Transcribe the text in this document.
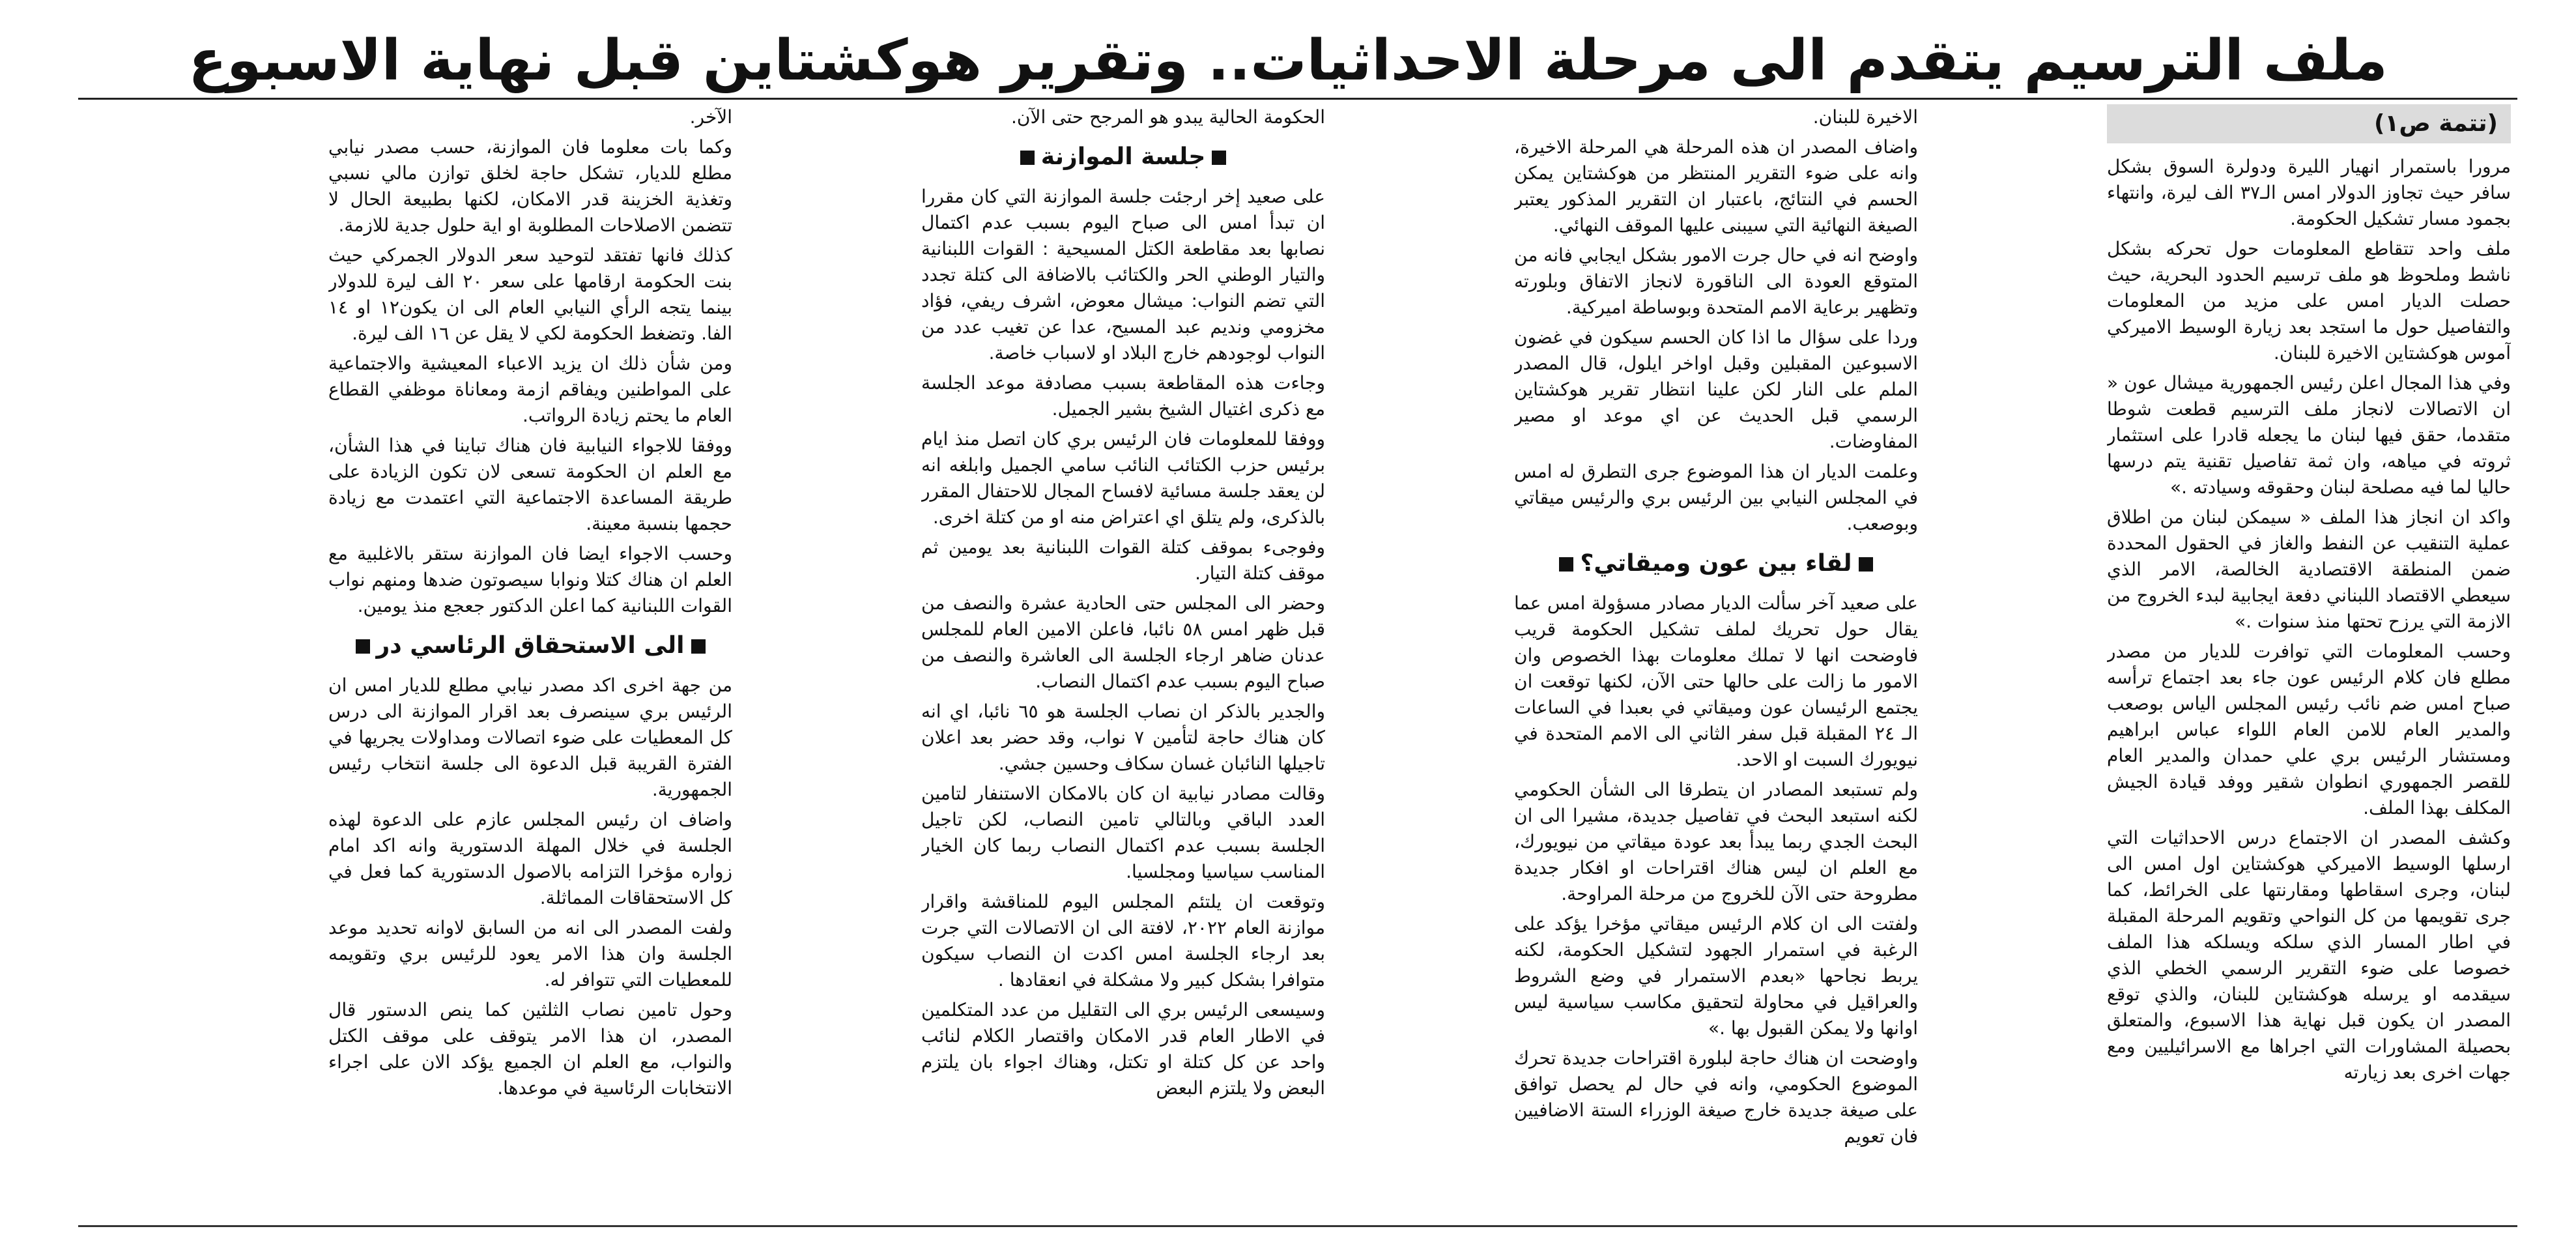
ملف الترسيم يتقدم الى مرحلة الاحداثيات.. وتقرير هوكشتاين قبل نهاية الاسبوع
(تتمة ص١)

مرورا باستمرار انهيار الليرة ودولرة السوق بشكل سافر حيث تجاوز الدولار امس الـ٣٧ الف ليرة، وانتهاء بجمود مسار تشكيل الحكومة.

ملف واحد تتقاطع المعلومات حول تحركه بشكل ناشط وملحوظ هو ملف ترسيم الحدود البحرية، حيث حصلت الديار امس على مزيد من المعلومات والتفاصيل حول ما استجد بعد زيارة الوسيط الاميركي آموس هوكشتاين الاخيرة للبنان.

وفي هذا المجال اعلن رئيس الجمهورية ميشال عون « ان الاتصالات لانجاز ملف الترسيم قطعت شوطا متقدما، حقق فيها لبنان ما يجعله قادرا على استثمار ثروته في مياهه، وان ثمة تفاصيل تقنية يتم درسها حاليا لما فيه مصلحة لبنان وحقوقه وسيادته .»

واكد ان انجاز هذا الملف « سيمكن لبنان من اطلاق عملية التنقيب عن النفط والغاز في الحقول المحددة ضمن المنطقة الاقتصادية الخالصة، الامر الذي سيعطي الاقتصاد اللبناني دفعة ايجابية لبدء الخروج من الازمة التي يرزح تحتها منذ سنوات .»

وحسب المعلومات التي توافرت للديار من مصدر مطلع فان كلام الرئيس عون جاء بعد اجتماع ترأسه صباح امس ضم نائب رئيس المجلس الياس بوصعب والمدير العام للامن العام اللواء عباس ابراهيم ومستشار الرئيس بري علي حمدان والمدير العام للقصر الجمهوري انطوان شقير ووفد قيادة الجيش المكلف بهذا الملف.

وكشف المصدر ان الاجتماع درس الاحداثيات التي ارسلها الوسيط الاميركي هوكشتاين اول امس الى لبنان، وجرى اسقاطها ومقارنتها على الخرائط، كما جرى تقويمها من كل النواحي وتقويم المرحلة المقبلة في اطار المسار الذي سلكه ويسلكه هذا الملف خصوصا على ضوء التقرير الرسمي الخطي الذي سيقدمه او يرسله هوكشتاين للبنان، والذي توقع المصدر ان يكون قبل نهاية هذا الاسبوع، والمتعلق بحصيلة المشاورات التي اجراها مع الاسرائيليين ومع جهات اخرى بعد زيارته

الاخيرة للبنان.

واضاف المصدر ان هذه المرحلة هي المرحلة الاخيرة، وانه على ضوء التقرير المنتظر من هوكشتاين يمكن الحسم في النتائج، باعتبار ان التقرير المذكور يعتبر الصيغة النهائية التي سيبنى عليها الموقف النهائي.

واوضح انه في حال جرت الامور بشكل ايجابي فانه من المتوقع العودة الى الناقورة لانجاز الاتفاق وبلورته وتظهير برعاية الامم المتحدة وبوساطة اميركية.

وردا على سؤال ما اذا كان الحسم سيكون في غضون الاسبوعين المقبلين وقبل اواخر ايلول، قال المصدر الملم على النار لكن علينا انتظار تقرير هوكشتاين الرسمي قبل الحديث عن اي موعد او مصير المفاوضات.

وعلمت الديار ان هذا الموضوع جرى التطرق له امس في المجلس النيابي بين الرئيس بري والرئيس ميقاتي وبوصعب.

لقاء بين عون وميقاتي؟

على صعيد آخر سألت الديار مصادر مسؤولة امس عما يقال حول تحريك لملف تشكيل الحكومة قريب فاوضحت انها لا تملك معلومات بهذا الخصوص وان الامور ما زالت على حالها حتى الآن، لكنها توقعت ان يجتمع الرئيسان عون وميقاتي في بعبدا في الساعات الـ ٢٤ المقبلة قبل سفر الثاني الى الامم المتحدة في نيويورك السبت او الاحد.

ولم تستبعد المصادر ان يتطرقا الى الشأن الحكومي لكنه استبعد البحث في تفاصيل جديدة، مشيرا الى ان البحث الجدي ربما يبدأ بعد عودة ميقاتي من نيويورك، مع العلم ان ليس هناك اقتراحات او افكار جديدة مطروحة حتى الآن للخروج من مرحلة المراوحة.

ولفتت الى ان كلام الرئيس ميقاتي مؤخرا يؤكد على الرغبة في استمرار الجهود لتشكيل الحكومة، لكنه يربط نجاحها «بعدم الاستمرار في وضع الشروط والعراقيل في محاولة لتحقيق مكاسب سياسية ليس اوانها ولا يمكن القبول بها .»

واوضحت ان هناك حاجة لبلورة اقتراحات جديدة تحرك الموضوع الحكومي، وانه في حال لم يحصل توافق على صيغة جديدة خارج صيغة الوزراء الستة الاضافيين فان تعويم

الحكومة الحالية يبدو هو المرجح حتى الآن.

جلسة الموازنة

على صعيد إخر ارجئت جلسة الموازنة التي كان مقررا ان تبدأ امس الى صباح اليوم بسبب عدم اكتمال نصابها بعد مقاطعة الكتل المسيحية : القوات اللبنانية والتيار الوطني الحر والكتائب بالاضافة الى كتلة تجدد التي تضم النواب: ميشال معوض، اشرف ريفي، فؤاد مخزومي ونديم عبد المسيح، عدا عن تغيب عدد من النواب لوجودهم خارج البلاد او لاسباب خاصة.

وجاءت هذه المقاطعة بسبب مصادفة موعد الجلسة مع ذكرى اغتيال الشيخ بشير الجميل.

ووفقا للمعلومات فان الرئيس بري كان اتصل منذ ايام برئيس حزب الكتائب النائب سامي الجميل وابلغه انه لن يعقد جلسة مسائية لافساح المجال للاحتفال المقرر بالذكرى، ولم يتلق اي اعتراض منه او من كتلة اخرى.

وفوجىء بموقف كتلة القوات اللبنانية بعد يومين ثم موقف كتلة التيار.

وحضر الى المجلس حتى الحادية عشرة والنصف من قبل ظهر امس ٥٨ نائبا، فاعلن الامين العام للمجلس عدنان ضاهر ارجاء الجلسة الى العاشرة والنصف من صباح اليوم بسبب عدم اكتمال النصاب.

والجدير بالذكر ان نصاب الجلسة هو ٦٥ نائبا، اي انه كان هناك حاجة لتأمين ٧ نواب، وقد حضر بعد اعلان تاجيلها النائبان غسان سكاف وحسين جشي.

وقالت مصادر نيابية ان كان بالامكان الاستنفار لتامين العدد الباقي وبالتالي تامين النصاب، لكن تاجيل الجلسة بسبب عدم اكتمال النصاب ربما كان الخيار المناسب سياسيا ومجلسيا.

وتوقعت ان يلتئم المجلس اليوم للمناقشة واقرار موازنة العام ٢٠٢٢، لافتة الى ان الاتصالات التي جرت بعد ارجاء الجلسة امس اكدت ان النصاب سيكون متوافرا بشكل كبير ولا مشكلة في انعقادها .

وسيسعى الرئيس بري الى التقليل من عدد المتكلمين في الاطار العام قدر الامكان واقتصار الكلام لنائب واحد عن كل كتلة او تكتل، وهناك اجواء بان يلتزم البعض ولا يلتزم البعض

الآخر.

وكما بات معلوما فان الموازنة، حسب مصدر نيابي مطلع للديار، تشكل حاجة لخلق توازن مالي نسبي وتغذية الخزينة قدر الامكان، لكنها بطبيعة الحال لا تتضمن الاصلاحات المطلوبة او اية حلول جدية للازمة.

كذلك فانها تفتقد لتوحيد سعر الدولار الجمركي حيث بنت الحكومة ارقامها على سعر ٢٠ الف ليرة للدولار بينما يتجه الرأي النيابي العام الى ان يكون١٢ او ١٤ الفا. وتضغط الحكومة لكي لا يقل عن ١٦ الف ليرة.

ومن شأن ذلك ان يزيد الاعباء المعيشية والاجتماعية على المواطنين ويفاقم ازمة ومعاناة موظفي القطاع العام ما يحتم زيادة الرواتب.

ووفقا للاجواء النيابية فان هناك تباينا في هذا الشأن، مع العلم ان الحكومة تسعى لان تكون الزيادة على طريقة المساعدة الاجتماعية التي اعتمدت مع زيادة حجمها بنسبة معينة.

وحسب الاجواء ايضا فان الموازنة ستقر بالاغلبية مع العلم ان هناك كتلا ونوابا سيصوتون ضدها ومنهم نواب القوات اللبنانية كما اعلن الدكتور جعجع منذ يومين.

الى الاستحقاق الرئاسي در

من جهة اخرى اكد مصدر نيابي مطلع للديار امس ان الرئيس بري سينصرف بعد اقرار الموازنة الى درس كل المعطيات على ضوء اتصالات ومداولات يجريها في الفترة القريبة قبل الدعوة الى جلسة انتخاب رئيس الجمهورية.

واضاف ان رئيس المجلس عازم على الدعوة لهذه الجلسة في خلال المهلة الدستورية وانه اكد امام زواره مؤخرا التزامه بالاصول الدستورية كما فعل في كل الاستحقاقات المماثلة.

ولفت المصدر الى انه من السابق لاوانه تحديد موعد الجلسة وان هذا الامر يعود للرئيس بري وتقويمه للمعطيات التي تتوافر له.

وحول تامين نصاب الثلثين كما ينص الدستور قال المصدر، ان هذا الامر يتوقف على موقف الكتل والنواب، مع العلم ان الجميع يؤكد الان على اجراء الانتخابات الرئاسية في موعدها.
